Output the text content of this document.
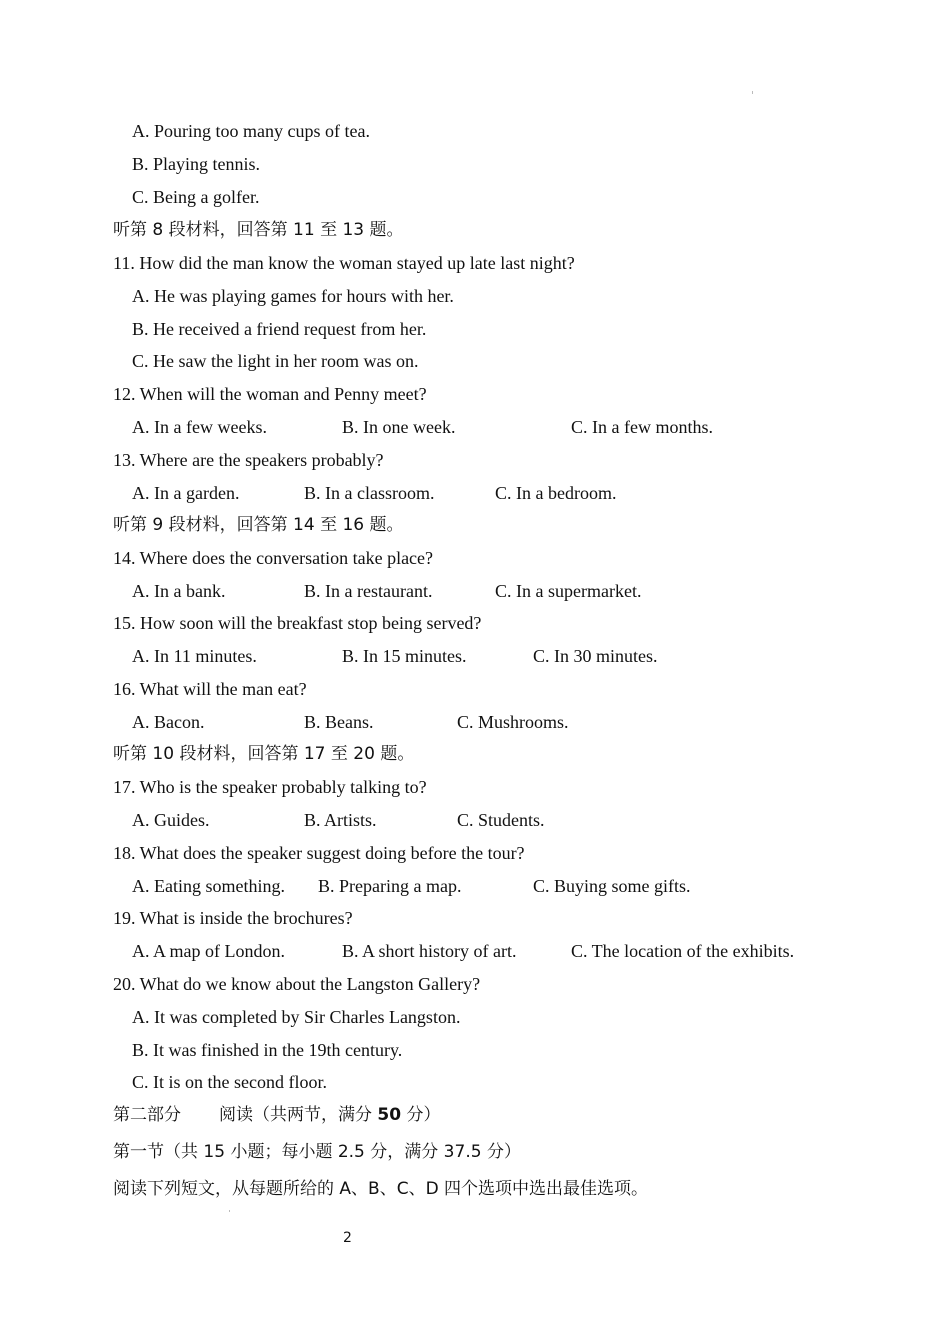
A. Pouring too many cups of tea.
B. Playing tennis.
C. Being a golfer.
听第 8 段材料，回答第 11 至 13 题。
11. How did the man know the woman stayed up late last night?
A. He was playing games for hours with her.
B. He received a friend request from her.
C. He saw the light in her room was on.
12. When will the woman and Penny meet?
A. In a few weeks.	B. In one week.	C. In a few months.
13. Where are the speakers probably?
A. In a garden.	B. In a classroom.	C. In a bedroom.
听第 9 段材料，回答第 14 至 16 题。
14. Where does the conversation take place?
A. In a bank.	B. In a restaurant.	C. In a supermarket.
15. How soon will the breakfast stop being served?
A. In 11 minutes.	B. In 15 minutes.	C. In 30 minutes.
16. What will the man eat?
A. Bacon.	B. Beans.	C. Mushrooms.
听第 10 段材料，回答第 17 至 20 题。
17. Who is the speaker probably talking to?
A. Guides.	B. Artists.	C. Students.
18. What does the speaker suggest doing before the tour?
A. Eating something. B. Preparing a map.	C. Buying some gifts.
19. What is inside the brochures?
A. A map of London.	B. A short history of art.	C. The location of the exhibits.
20. What do we know about the Langston Gallery?
A. It was completed by Sir Charles Langston.
B. It was finished in the 19th century.
C. It is on the second floor.
第二部分 阅读（共两节，满分 50 分）
第一节（共 15 小题；每小题 2.5 分，满分 37.5 分）
阅读下列短文，从每题所给的 A、B、C、D 四个选项中选出最佳选项。
2
